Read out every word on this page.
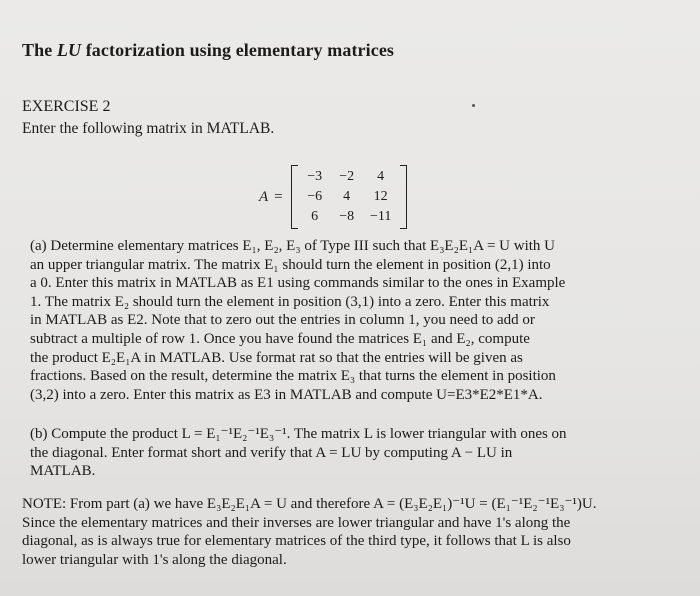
The LU factorization using elementary matrices
EXERCISE 2
Enter the following matrix in MATLAB.
A =
−3	−2	4
−6	4	12
6	−8	−11
(a) Determine elementary matrices E₁, E₂, E₃ of Type III such that E₃E₂E₁A = U with U
an upper triangular matrix. The matrix E₁ should turn the element in position (2,1) into
a 0. Enter this matrix in MATLAB as E1 using commands similar to the ones in Example
1. The matrix E₂ should turn the element in position (3,1) into a zero. Enter this matrix
in MATLAB as E2. Note that to zero out the entries in column 1, you need to add or
subtract a multiple of row 1. Once you have found the matrices E₁ and E₂, compute
the product E₂E₁A in MATLAB. Use format rat so that the entries will be given as
fractions. Based on the result, determine the matrix E₃ that turns the element in position
(3,2) into a zero. Enter this matrix as E3 in MATLAB and compute U=E3*E2*E1*A.
(b) Compute the product L = E₁⁻¹E₂⁻¹E₃⁻¹. The matrix L is lower triangular with ones on
the diagonal. Enter format short and verify that A = LU by computing A − LU in
MATLAB.
NOTE: From part (a) we have E₃E₂E₁A = U and therefore A = (E₃E₂E₁)⁻¹U = (E₁⁻¹E₂⁻¹E₃⁻¹)U.
Since the elementary matrices and their inverses are lower triangular and have 1's along the
diagonal, as is always true for elementary matrices of the third type, it follows that L is also
lower triangular with 1's along the diagonal.
